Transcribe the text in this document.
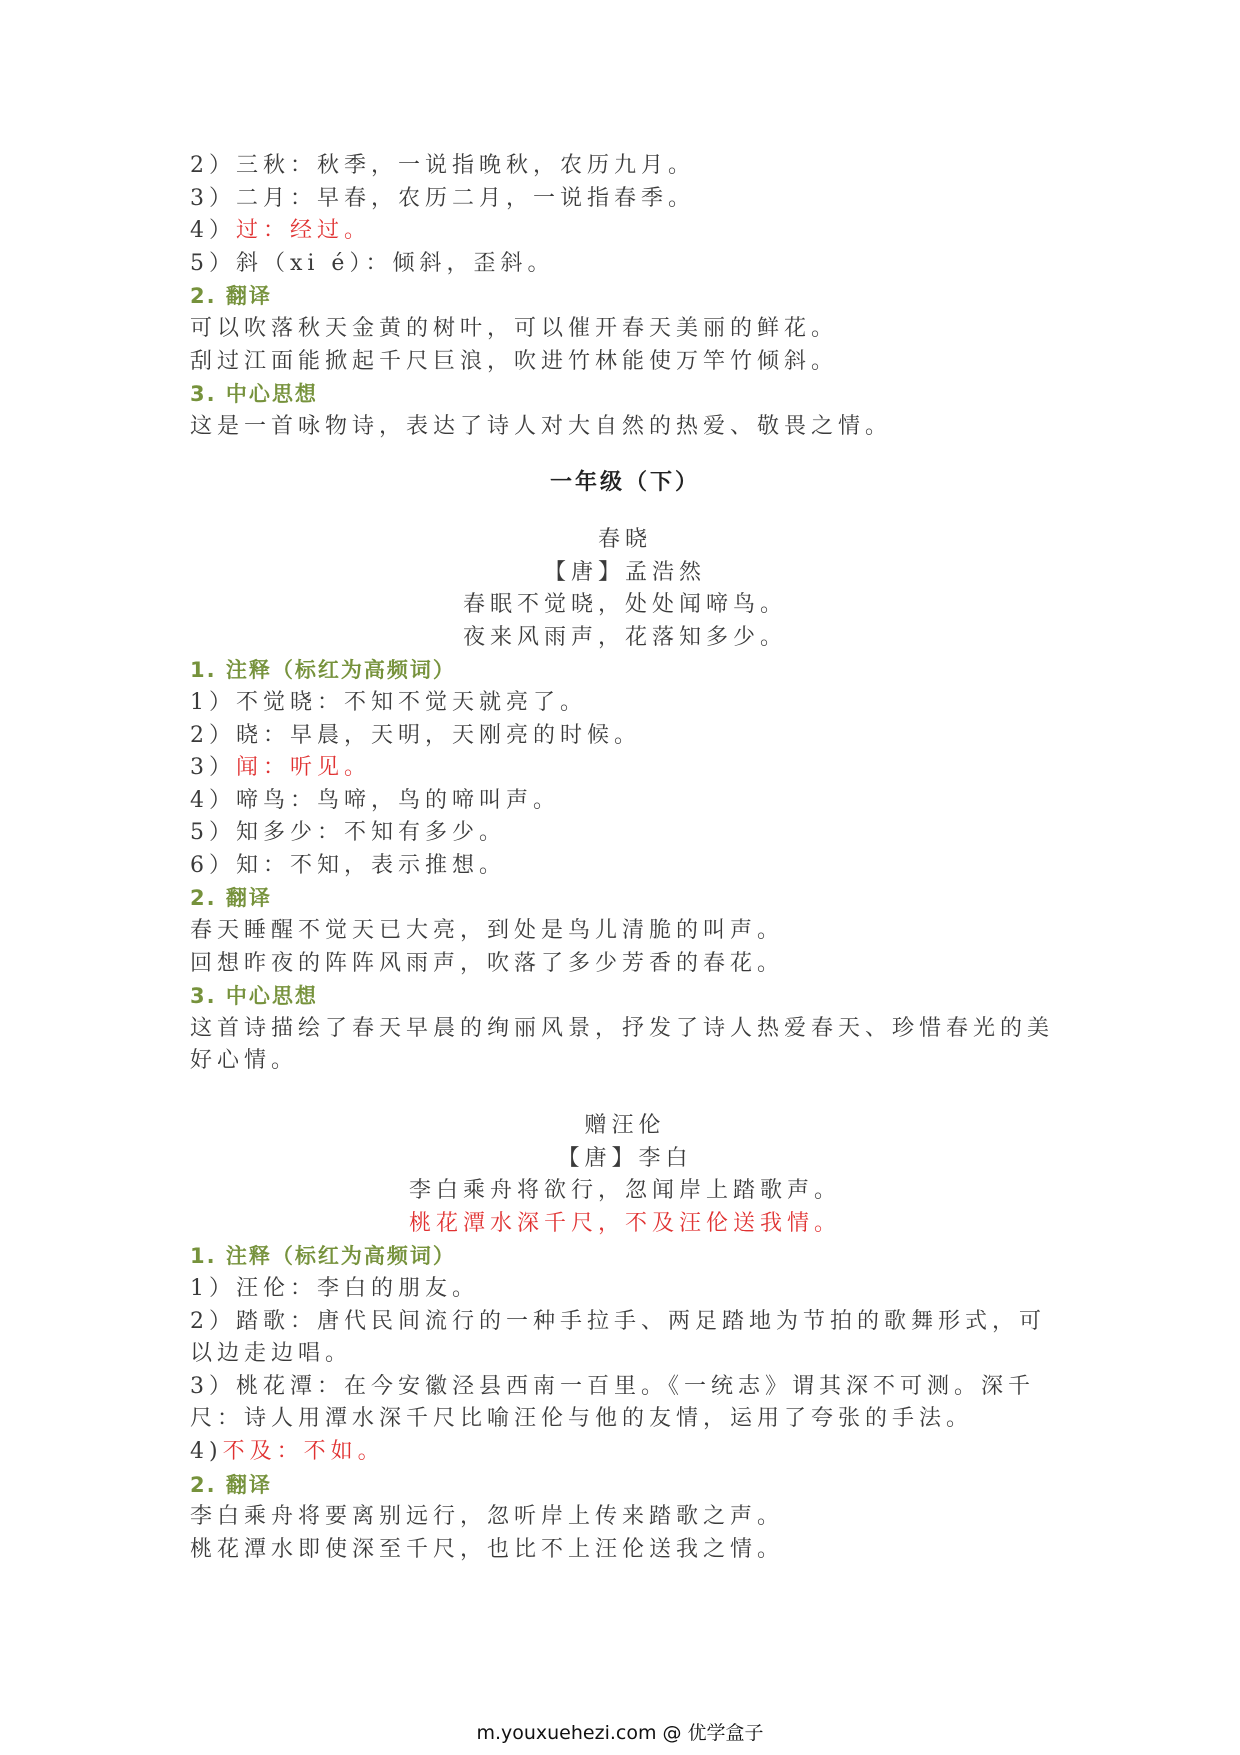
2）三秋：秋季，一说指晚秋，农历九月。
3）二月：早春，农历二月，一说指春季。
4）过：经过。
5）斜（xi é）：倾斜，歪斜。
2. 翻译
可以吹落秋天金黄的树叶，可以催开春天美丽的鲜花。
刮过江面能掀起千尺巨浪，吹进竹林能使万竿竹倾斜。
3. 中心思想
这是一首咏物诗，表达了诗人对大自然的热爱、敬畏之情。
一年级（下）
春晓
【唐】孟浩然
春眠不觉晓，处处闻啼鸟。
夜来风雨声，花落知多少。
1. 注释（标红为高频词）
1）不觉晓：不知不觉天就亮了。
2）晓：早晨，天明，天刚亮的时候。
3）闻：听见。
4）啼鸟：鸟啼，鸟的啼叫声。
5）知多少：不知有多少。
6）知：不知，表示推想。
2. 翻译
春天睡醒不觉天已大亮，到处是鸟儿清脆的叫声。
回想昨夜的阵阵风雨声，吹落了多少芳香的春花。
3. 中心思想
这首诗描绘了春天早晨的绚丽风景，抒发了诗人热爱春天、珍惜春光的美好心情。
赠汪伦
【唐】李白
李白乘舟将欲行，忽闻岸上踏歌声。
桃花潭水深千尺，不及汪伦送我情。
1. 注释（标红为高频词）
1）汪伦：李白的朋友。
2）踏歌：唐代民间流行的一种手拉手、两足踏地为节拍的歌舞形式，可以边走边唱。
3）桃花潭：在今安徽泾县西南一百里。《一统志》谓其深不可测。深千尺：诗人用潭水深千尺比喻汪伦与他的友情，运用了夸张的手法。
4)不及：不如。
2. 翻译
李白乘舟将要离别远行，忽听岸上传来踏歌之声。
桃花潭水即使深至千尺，也比不上汪伦送我之情。
m.youxuehezi.com @ 优学盒子
